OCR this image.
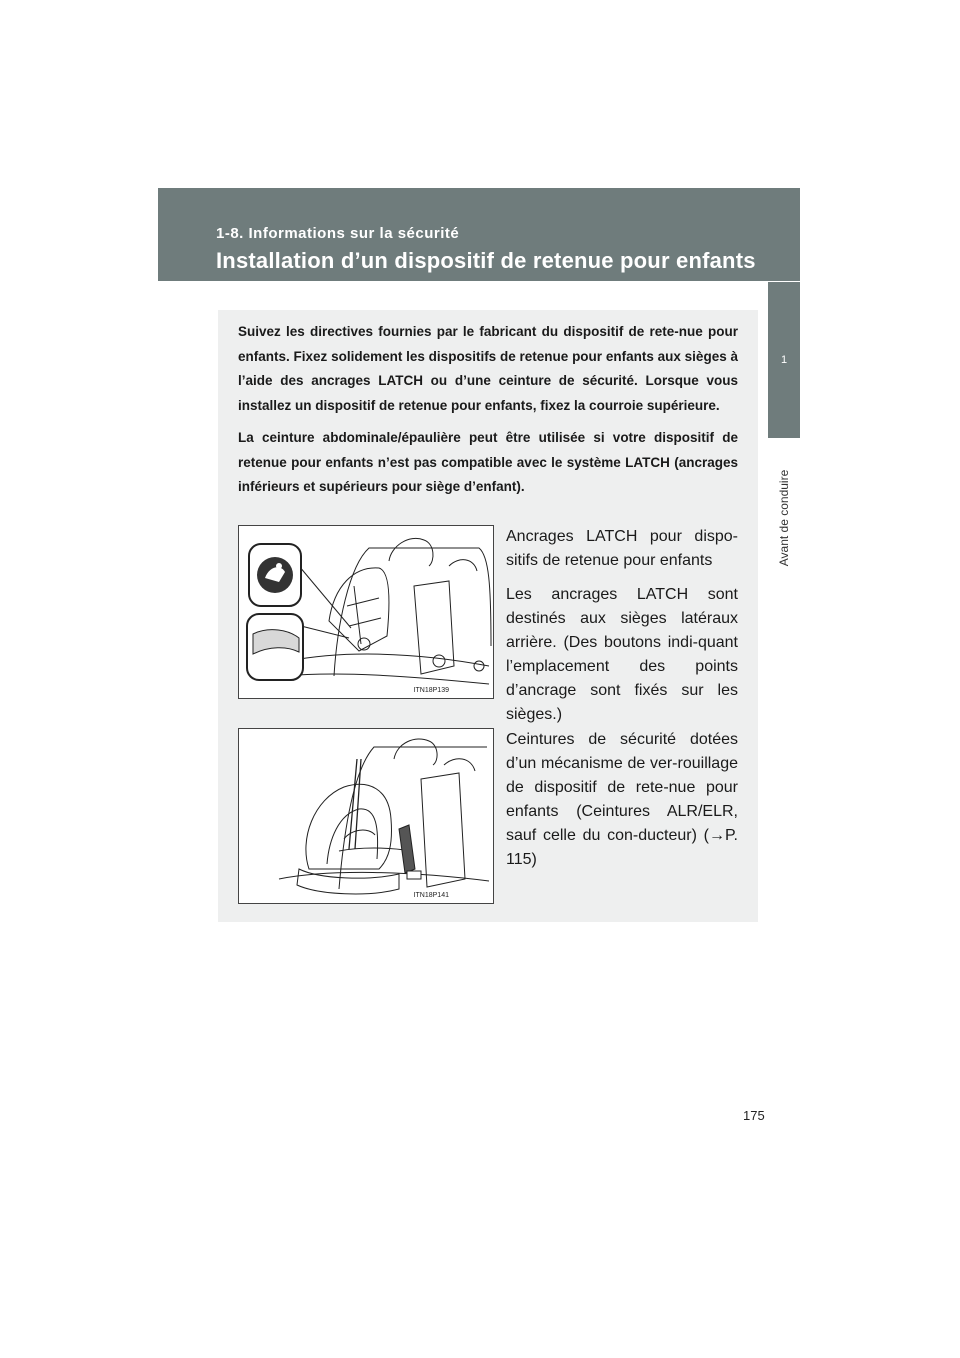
1-8. Informations sur la sécurité
Installation d’un dispositif de retenue pour enfants
1
Avant de conduire

Suivez les directives fournies par le fabricant du dispositif de rete-nue pour enfants. Fixez solidement les dispositifs de retenue pour enfants aux sièges à l’aide des ancrages LATCH ou d’une ceinture de sécurité. Lorsque vous installez un dispositif de retenue pour enfants, fixez la courroie supérieure.

La ceinture abdominale/épaulière peut être utilisée si votre dispositif de retenue pour enfants n’est pas compatible avec le système LATCH (ancrages inférieurs et supérieurs pour siège d’enfant).

ITN18P139

Ancrages LATCH pour dispo-sitifs de retenue pour enfants

Les ancrages LATCH sont destinés aux sièges latéraux arrière. (Des boutons indi-quant l’emplacement des points d’ancrage sont fixés sur les sièges.)

ITN18P141

Ceintures de sécurité dotées d’un mécanisme de ver-rouillage de dispositif de rete-nue pour enfants (Ceintures ALR/ELR, sauf celle du con-ducteur) (→P. 115)

175
